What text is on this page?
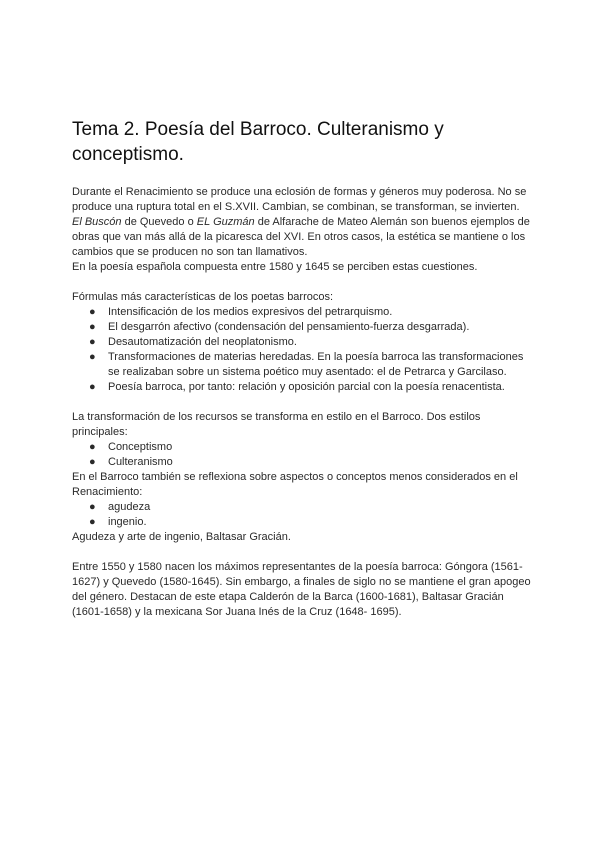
Tema 2. Poesía del Barroco. Culteranismo y conceptismo.

Durante el Renacimiento se produce una eclosión de formas y géneros muy poderosa. No se produce una ruptura total en el S.XVII. Cambian, se combinan, se transforman, se invierten.

El Buscón de Quevedo o EL Guzmán de Alfarache de Mateo Alemán son buenos ejemplos de obras que van más allá de la picaresca del XVI. En otros casos, la estética se mantiene o los cambios que se producen no son tan llamativos.

En la poesía española compuesta entre 1580 y 1645 se perciben estas cuestiones.

Fórmulas más características de los poetas barrocos:

● Intensificación de los medios expresivos del petrarquismo.
● El desgarrón afectivo (condensación del pensamiento-fuerza desgarrada).
● Desautomatización del neoplatonismo.
● Transformaciones de materias heredadas. En la poesía barroca las transformaciones se realizaban sobre un sistema poético muy asentado: el de Petrarca y Garcilaso.
● Poesía barroca, por tanto: relación y oposición parcial con la poesía renacentista.

La transformación de los recursos se transforma en estilo en el Barroco. Dos estilos principales:

● Conceptismo
● Culteranismo

En el Barroco también se reflexiona sobre aspectos o conceptos menos considerados en el Renacimiento:

● agudeza
● ingenio.

Agudeza y arte de ingenio, Baltasar Gracián.

Entre 1550 y 1580 nacen los máximos representantes de la poesía barroca: Góngora (1561-1627) y Quevedo (1580-1645). Sin embargo, a finales de siglo no se mantiene el gran apogeo del género. Destacan de este etapa Calderón de la Barca (1600-1681), Baltasar Gracián (1601-1658) y la mexicana Sor Juana Inés de la Cruz (1648- 1695).
